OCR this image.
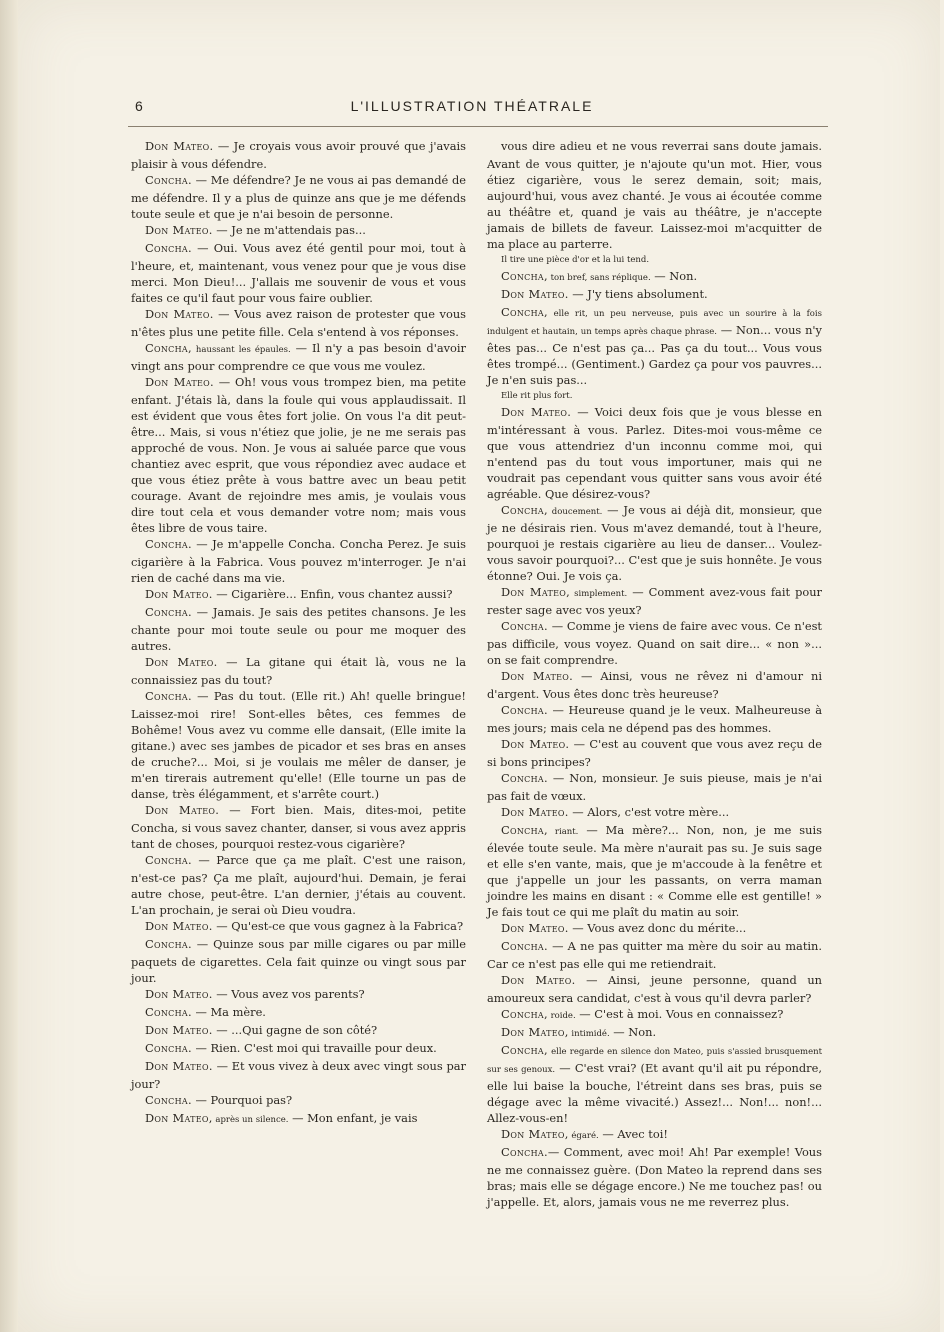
6	L'ILLUSTRATION THÉATRALE

Don Mateo. — Je croyais vous avoir prouvé que j'avais plaisir à vous défendre.

Concha. — Me défendre? Je ne vous ai pas demandé de me défendre. Il y a plus de quinze ans que je me défends toute seule et que je n'ai besoin de personne.

Don Mateo. — Je ne m'attendais pas...

Concha. — Oui. Vous avez été gentil pour moi, tout à l'heure, et, maintenant, vous venez pour que je vous dise merci. Mon Dieu!... J'allais me souvenir de vous et vous faites ce qu'il faut pour vous faire oublier.

Don Mateo. — Vous avez raison de protester que vous n'êtes plus une petite fille. Cela s'entend à vos réponses.

Concha, haussant les épaules. — Il n'y a pas besoin d'avoir vingt ans pour comprendre ce que vous me voulez.

Don Mateo. — Oh! vous vous trompez bien, ma petite enfant. J'étais là, dans la foule qui vous applaudissait. Il est évident que vous êtes fort jolie. On vous l'a dit peut-être... Mais, si vous n'étiez que jolie, je ne me serais pas approché de vous. Non. Je vous ai saluée parce que vous chantiez avec esprit, que vous répondiez avec audace et que vous étiez prête à vous battre avec un beau petit courage. Avant de rejoindre mes amis, je voulais vous dire tout cela et vous demander votre nom; mais vous êtes libre de vous taire.

Concha. — Je m'appelle Concha. Concha Perez. Je suis cigarière à la Fabrica. Vous pouvez m'interroger. Je n'ai rien de caché dans ma vie.

Don Mateo. — Cigarière... Enfin, vous chantez aussi?

Concha. — Jamais. Je sais des petites chansons. Je les chante pour moi toute seule ou pour me moquer des autres.

Don Mateo. — La gitane qui était là, vous ne la connaissiez pas du tout?

Concha. — Pas du tout. (Elle rit.) Ah! quelle bringue! Laissez-moi rire! Sont-elles bêtes, ces femmes de Bohême! Vous avez vu comme elle dansait, (Elle imite la gitane.) avec ses jambes de picador et ses bras en anses de cruche?... Moi, si je voulais me mêler de danser, je m'en tirerais autrement qu'elle! (Elle tourne un pas de danse, très élégamment, et s'arrête court.)

Don Mateo. — Fort bien. Mais, dites-moi, petite Concha, si vous savez chanter, danser, si vous avez appris tant de choses, pourquoi restez-vous cigarière?

Concha. — Parce que ça me plaît. C'est une raison, n'est-ce pas? Ça me plaît, aujourd'hui. Demain, je ferai autre chose, peut-être. L'an dernier, j'étais au couvent. L'an prochain, je serai où Dieu voudra.

Don Mateo. — Qu'est-ce que vous gagnez à la Fabrica?

Concha. — Quinze sous par mille cigares ou par mille paquets de cigarettes. Cela fait quinze ou vingt sous par jour.

Don Mateo. — Vous avez vos parents?

Concha. — Ma mère.

Don Mateo. — ...Qui gagne de son côté?

Concha. — Rien. C'est moi qui travaille pour deux.

Don Mateo. — Et vous vivez à deux avec vingt sous par jour?

Concha. — Pourquoi pas?

Don Mateo, après un silence. — Mon enfant, je vais

vous dire adieu et ne vous reverrai sans doute jamais. Avant de vous quitter, je n'ajoute qu'un mot. Hier, vous étiez cigarière, vous le serez demain, soit; mais, aujourd'hui, vous avez chanté. Je vous ai écoutée comme au théâtre et, quand je vais au théâtre, je n'accepte jamais de billets de faveur. Laissez-moi m'acquitter de ma place au parterre.

Il tire une pièce d'or et la lui tend.

Concha, ton bref, sans réplique. — Non.

Don Mateo. — J'y tiens absolument.

Concha, elle rit, un peu nerveuse, puis avec un sourire à la fois indulgent et hautain, un temps après chaque phrase. — Non... vous n'y êtes pas... Ce n'est pas ça... Pas ça du tout... Vous vous êtes trompé... (Gentiment.) Gardez ça pour vos pauvres... Je n'en suis pas...

Elle rit plus fort.

Don Mateo. — Voici deux fois que je vous blesse en m'intéressant à vous. Parlez. Dites-moi vous-même ce que vous attendriez d'un inconnu comme moi, qui n'entend pas du tout vous importuner, mais qui ne voudrait pas cependant vous quitter sans vous avoir été agréable. Que désirez-vous?

Concha, doucement. — Je vous ai déjà dit, monsieur, que je ne désirais rien. Vous m'avez demandé, tout à l'heure, pourquoi je restais cigarière au lieu de danser... Voulez-vous savoir pourquoi?... C'est que je suis honnête. Je vous étonne? Oui. Je vois ça.

Don Mateo, simplement. — Comment avez-vous fait pour rester sage avec vos yeux?

Concha. — Comme je viens de faire avec vous. Ce n'est pas difficile, vous voyez. Quand on sait dire... « non »... on se fait comprendre.

Don Mateo. — Ainsi, vous ne rêvez ni d'amour ni d'argent. Vous êtes donc très heureuse?

Concha. — Heureuse quand je le veux. Malheureuse à mes jours; mais cela ne dépend pas des hommes.

Don Mateo. — C'est au couvent que vous avez reçu de si bons principes?

Concha. — Non, monsieur. Je suis pieuse, mais je n'ai pas fait de vœux.

Don Mateo. — Alors, c'est votre mère...

Concha, riant. — Ma mère?... Non, non, je me suis élevée toute seule. Ma mère n'aurait pas su. Je suis sage et elle s'en vante, mais, que je m'accoude à la fenêtre et que j'appelle un jour les passants, on verra maman joindre les mains en disant : « Comme elle est gentille! » Je fais tout ce qui me plaît du matin au soir.

Don Mateo. — Vous avez donc du mérite...

Concha. — A ne pas quitter ma mère du soir au matin. Car ce n'est pas elle qui me retiendrait.

Don Mateo. — Ainsi, jeune personne, quand un amoureux sera candidat, c'est à vous qu'il devra parler?

Concha, roide. — C'est à moi. Vous en connaissez?

Don Mateo, intimidé. — Non.

Concha, elle regarde en silence don Mateo, puis s'assied brusquement sur ses genoux. — C'est vrai? (Et avant qu'il ait pu répondre, elle lui baise la bouche, l'étreint dans ses bras, puis se dégage avec la même vivacité.) Assez!... Non!... non!... Allez-vous-en!

Don Mateo, égaré. — Avec toi!

Concha.— Comment, avec moi! Ah! Par exemple! Vous ne me connaissez guère. (Don Mateo la reprend dans ses bras; mais elle se dégage encore.) Ne me touchez pas! ou j'appelle. Et, alors, jamais vous ne me reverrez plus.
